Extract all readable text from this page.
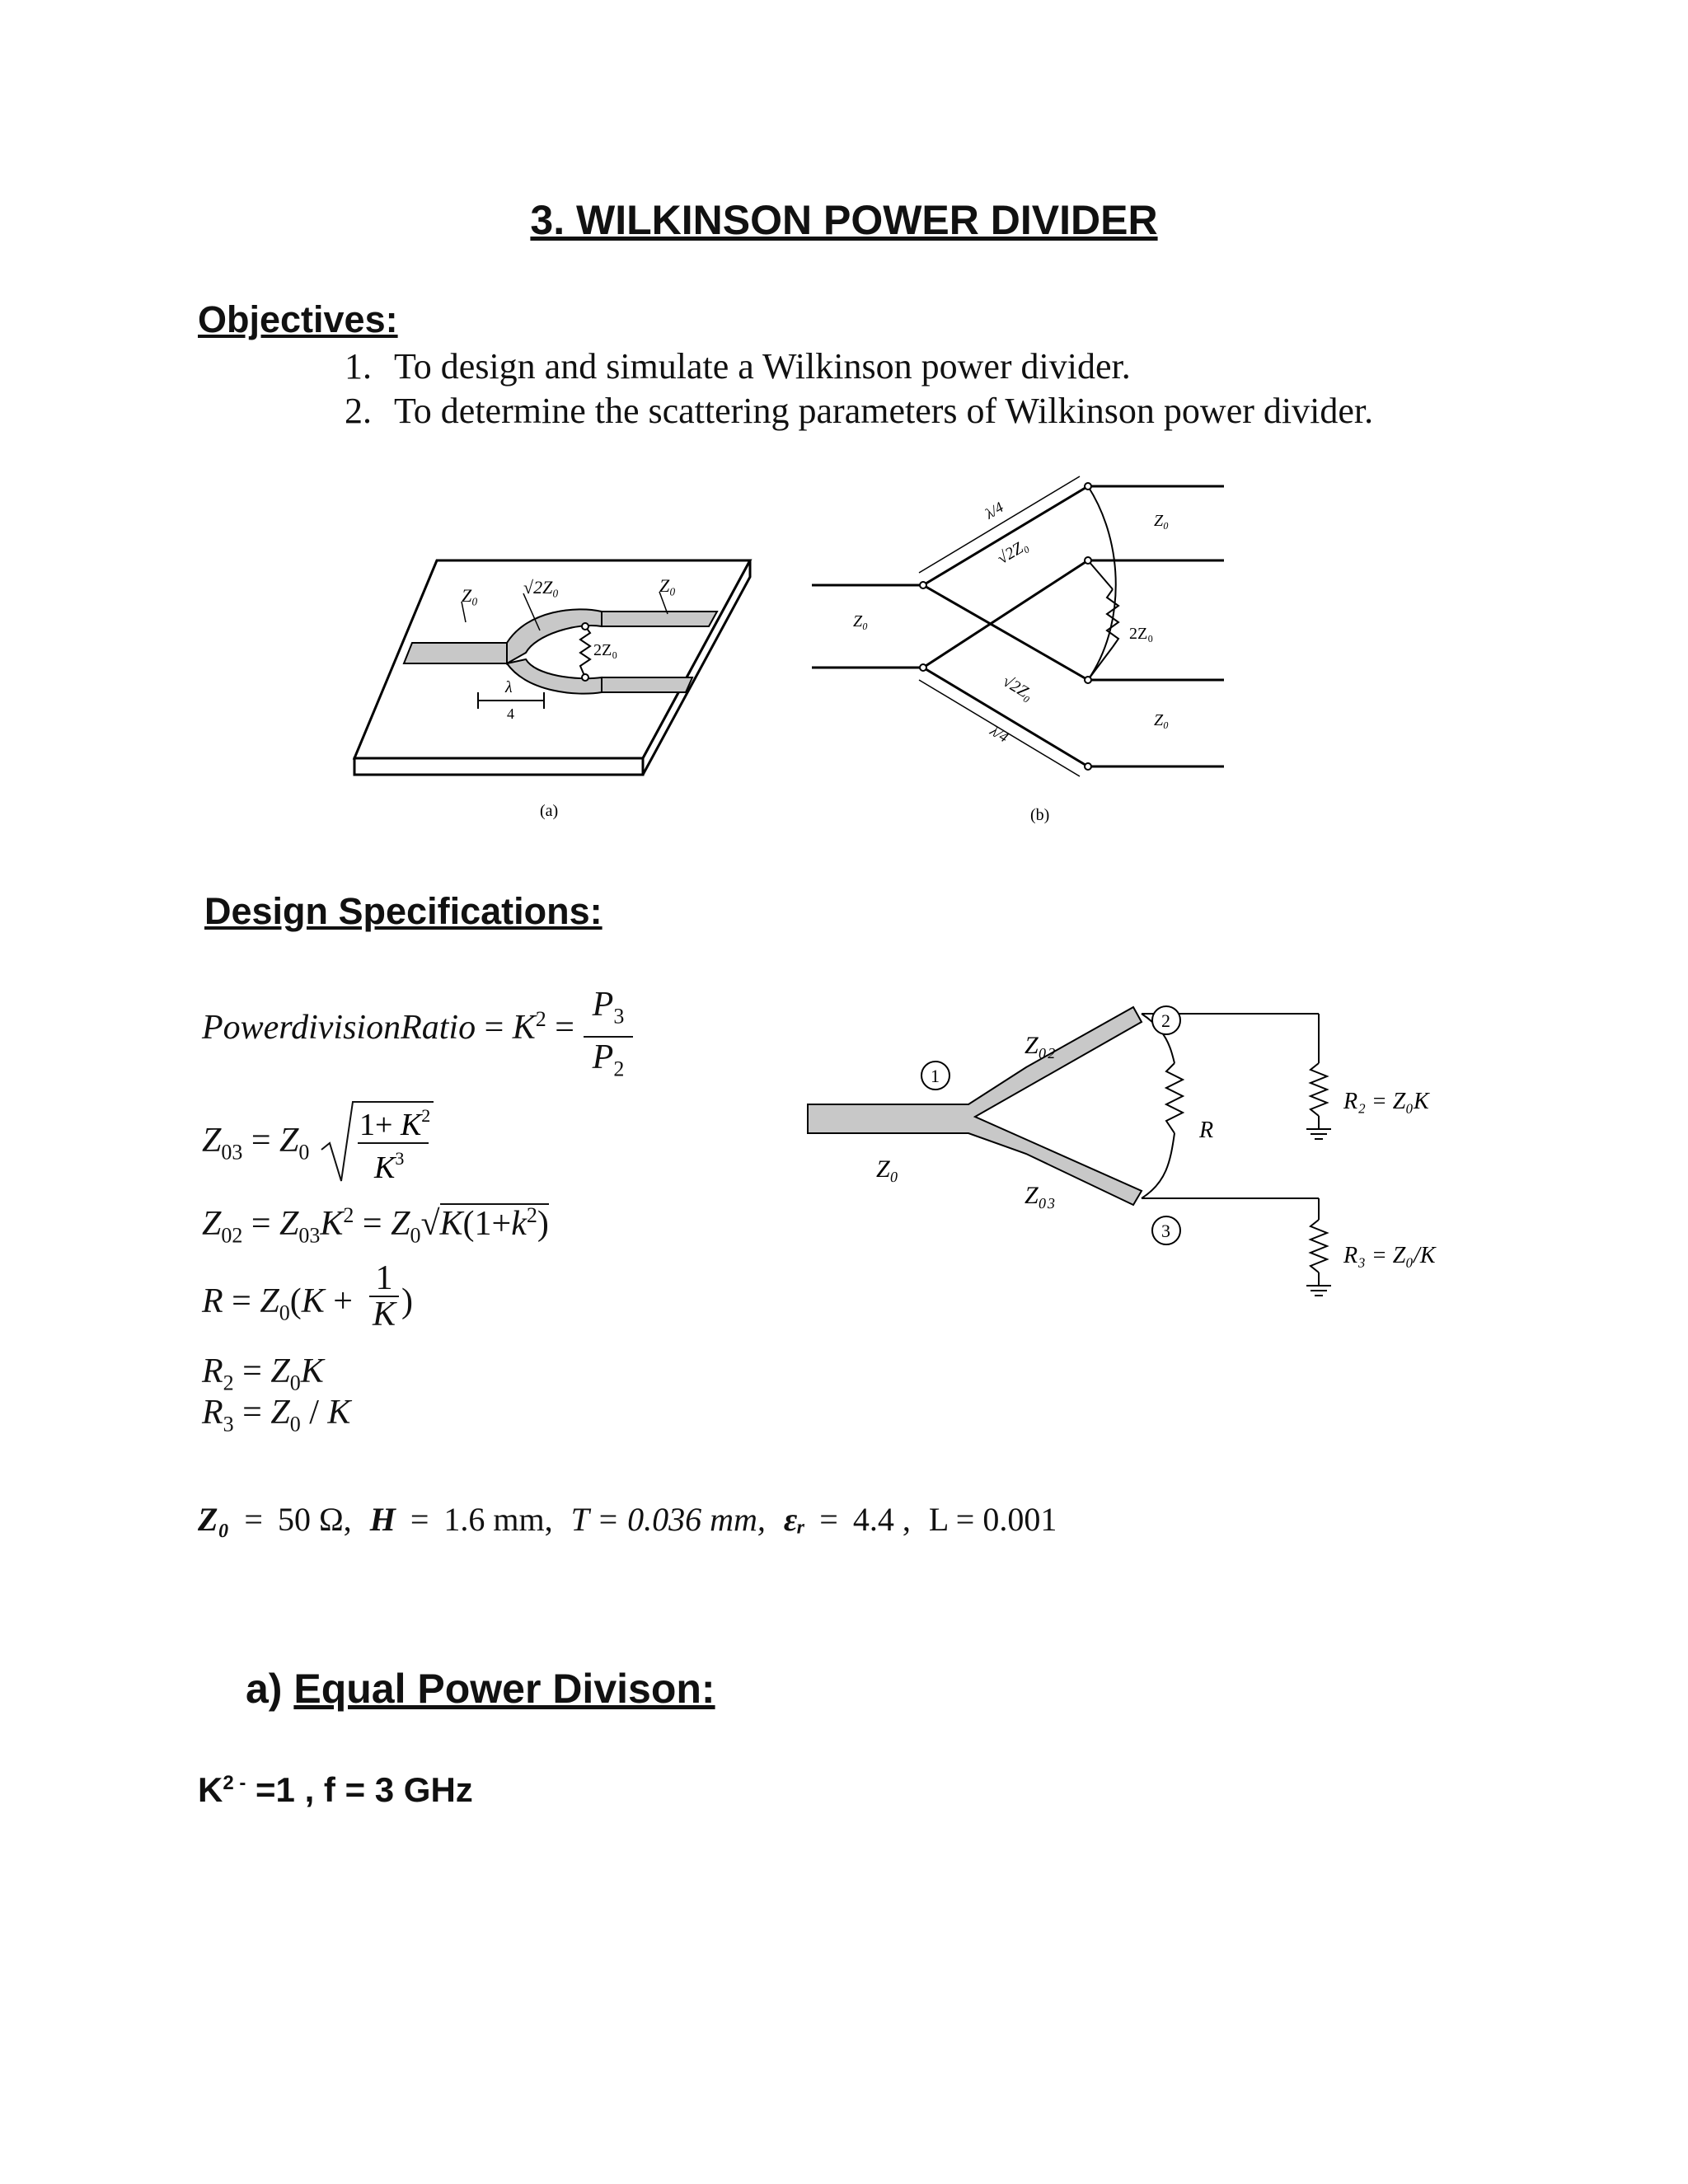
3. WILKINSON POWER DIVIDER
Objectives:
1. To design and simulate a Wilkinson power divider.
2. To determine the scattering parameters of Wilkinson power divider.
Z₀	√2Z₀	Z₀
2Z₀
λ
4
(a)
Z₀
λ/4
√2Z₀
√2Z₀
λ/4
Z₀
2Z₀
Z₀
(b)
Design Specifications:
PowerdivisionRatio = $K^2$ =
$P_3$
$P_2$
$Z_{03} = Z_0$
$1+ K^2$
$K^3$
$Z_{02} = Z_{03}K^2 = Z_0√K(1+k^2)$
$R = Z_0(K$ +
1
K )
$R_2 = Z_0K$
$R_3 = Z_0 / K$
1
2
3
Z₀
Z₀₂
Z₀₃
R
R₂ = Z₀K
R₃ = Z₀/K
Z₀ = 50 Ω, H = 1.6 mm, T = 0.036 mm, εᵣ = 4.4 , L = 0.001
a) Equal Power Divison:
$K^{2 -} =1$ , f = 3 GHz
